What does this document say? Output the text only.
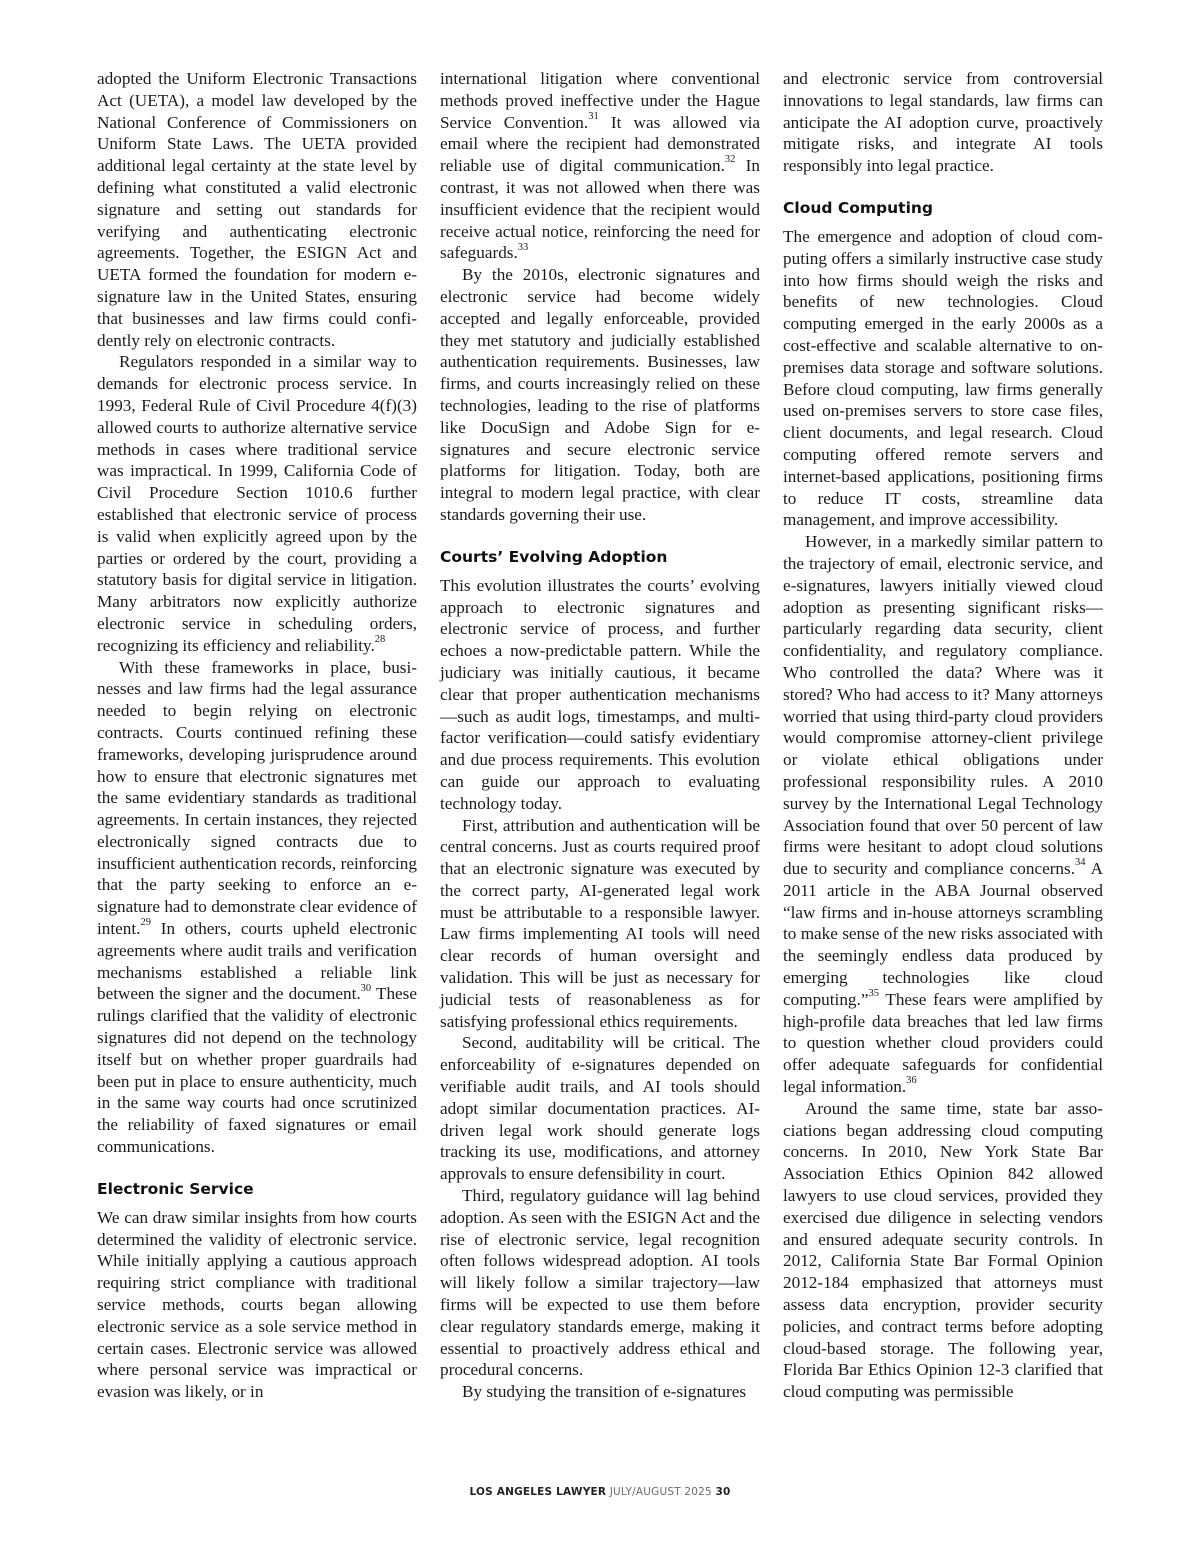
adopted the Uniform Electronic Transactions Act (UETA), a model law developed by the National Conference of Commissioners on Uniform State Laws. The UETA provided additional legal certainty at the state level by defining what constituted a valid electronic signature and setting out standards for verifying and authenticating electronic agreements. Together, the ESIGN Act and UETA formed the foundation for modern e-signature law in the United States, ensuring that businesses and law firms could confidently rely on electronic contracts.

Regulators responded in a similar way to demands for electronic process service. In 1993, Federal Rule of Civil Procedure 4(f)(3) allowed courts to authorize alternative service methods in cases where traditional service was impractical. In 1999, California Code of Civil Procedure Section 1010.6 further established that electronic service of process is valid when explicitly agreed upon by the parties or ordered by the court, providing a statutory basis for digital service in litigation. Many arbitrators now explicitly authorize electronic service in scheduling orders, recognizing its efficiency and reliability.$^{28}$

With these frameworks in place, businesses and law firms had the legal assurance needed to begin relying on electronic contracts. Courts continued refining these frameworks, developing jurisprudence around how to ensure that electronic signatures met the same evidentiary standards as traditional agreements. In certain instances, they rejected electronically signed contracts due to insufficient authentication records, reinforcing that the party seeking to enforce an e-signature had to demonstrate clear evidence of intent.$^{29}$ In others, courts upheld electronic agreements where audit trails and verification mechanisms established a reliable link between the signer and the document.$^{30}$ These rulings clarified that the validity of electronic signatures did not depend on the technology itself but on whether proper guardrails had been put in place to ensure authenticity, much in the same way courts had once scrutinized the reliability of faxed signatures or email communications.

Electronic Service

We can draw similar insights from how courts determined the validity of electronic service. While initially applying a cautious approach requiring strict compliance with traditional service methods, courts began allowing electronic service as a sole service method in certain cases. Electronic service was allowed where personal service was impractical or evasion was likely, or in

international litigation where conventional methods proved ineffective under the Hague Service Convention.$^{31}$ It was allowed via email where the recipient had demonstrated reliable use of digital communication.$^{32}$ In contrast, it was not allowed when there was insufficient evidence that the recipient would receive actual notice, reinforcing the need for safeguards.$^{33}$

By the 2010s, electronic signatures and electronic service had become widely accepted and legally enforceable, provided they met statutory and judicially established authentication requirements. Businesses, law firms, and courts increasingly relied on these technologies, leading to the rise of platforms like DocuSign and Adobe Sign for e-signatures and secure electronic service platforms for litigation. Today, both are integral to modern legal practice, with clear standards governing their use.

Courts’ Evolving Adoption

This evolution illustrates the courts’ evolving approach to electronic signatures and electronic service of process, and further echoes a now-predictable pattern. While the judiciary was initially cautious, it became clear that proper authentication mechanisms—such as audit logs, timestamps, and multi-factor verification—could satisfy evidentiary and due process requirements. This evolution can guide our approach to evaluating technology today.

First, attribution and authentication will be central concerns. Just as courts required proof that an electronic signature was executed by the correct party, AI-generated legal work must be attributable to a responsible lawyer. Law firms implementing AI tools will need clear records of human oversight and validation. This will be just as necessary for judicial tests of reasonableness as for satisfying professional ethics requirements.

Second, auditability will be critical. The enforceability of e-signatures depended on verifiable audit trails, and AI tools should adopt similar documentation practices. AI-driven legal work should generate logs tracking its use, modifications, and attorney approvals to ensure defensibility in court.

Third, regulatory guidance will lag behind adoption. As seen with the ESIGN Act and the rise of electronic service, legal recognition often follows widespread adoption. AI tools will likely follow a similar trajectory—law firms will be expected to use them before clear regulatory standards emerge, making it essential to proactively address ethical and procedural concerns.

By studying the transition of e-signatures

and electronic service from controversial innovations to legal standards, law firms can anticipate the AI adoption curve, proactively mitigate risks, and integrate AI tools responsibly into legal practice.

Cloud Computing

The emergence and adoption of cloud computing offers a similarly instructive case study into how firms should weigh the risks and benefits of new technologies. Cloud computing emerged in the early 2000s as a cost-effective and scalable alternative to on-premises data storage and software solutions. Before cloud computing, law firms generally used on-premises servers to store case files, client documents, and legal research. Cloud computing offered remote servers and internet-based applications, positioning firms to reduce IT costs, streamline data management, and improve accessibility.

However, in a markedly similar pattern to the trajectory of email, electronic service, and e-signatures, lawyers initially viewed cloud adoption as presenting significant risks—particularly regarding data security, client confidentiality, and regulatory compliance. Who controlled the data? Where was it stored? Who had access to it? Many attorneys worried that using third-party cloud providers would compromise attorney-client privilege or violate ethical obligations under professional responsibility rules. A 2010 survey by the International Legal Technology Association found that over 50 percent of law firms were hesitant to adopt cloud solutions due to security and compliance concerns.$^{34}$ A 2011 article in the ABA Journal observed “law firms and in-house attorneys scrambling to make sense of the new risks associated with the seemingly endless data produced by emerging technologies like cloud computing.”$^{35}$ These fears were amplified by high-profile data breaches that led law firms to question whether cloud providers could offer adequate safeguards for confidential legal information.$^{36}$

Around the same time, state bar associations began addressing cloud computing concerns. In 2010, New York State Bar Association Ethics Opinion 842 allowed lawyers to use cloud services, provided they exercised due diligence in selecting vendors and ensured adequate security controls. In 2012, California State Bar Formal Opinion 2012-184 emphasized that attorneys must assess data encryption, provider security policies, and contract terms before adopting cloud-based storage. The following year, Florida Bar Ethics Opinion 12-3 clarified that cloud computing was permissible

LOS ANGELES LAWYER JULY/AUGUST 2025 30
